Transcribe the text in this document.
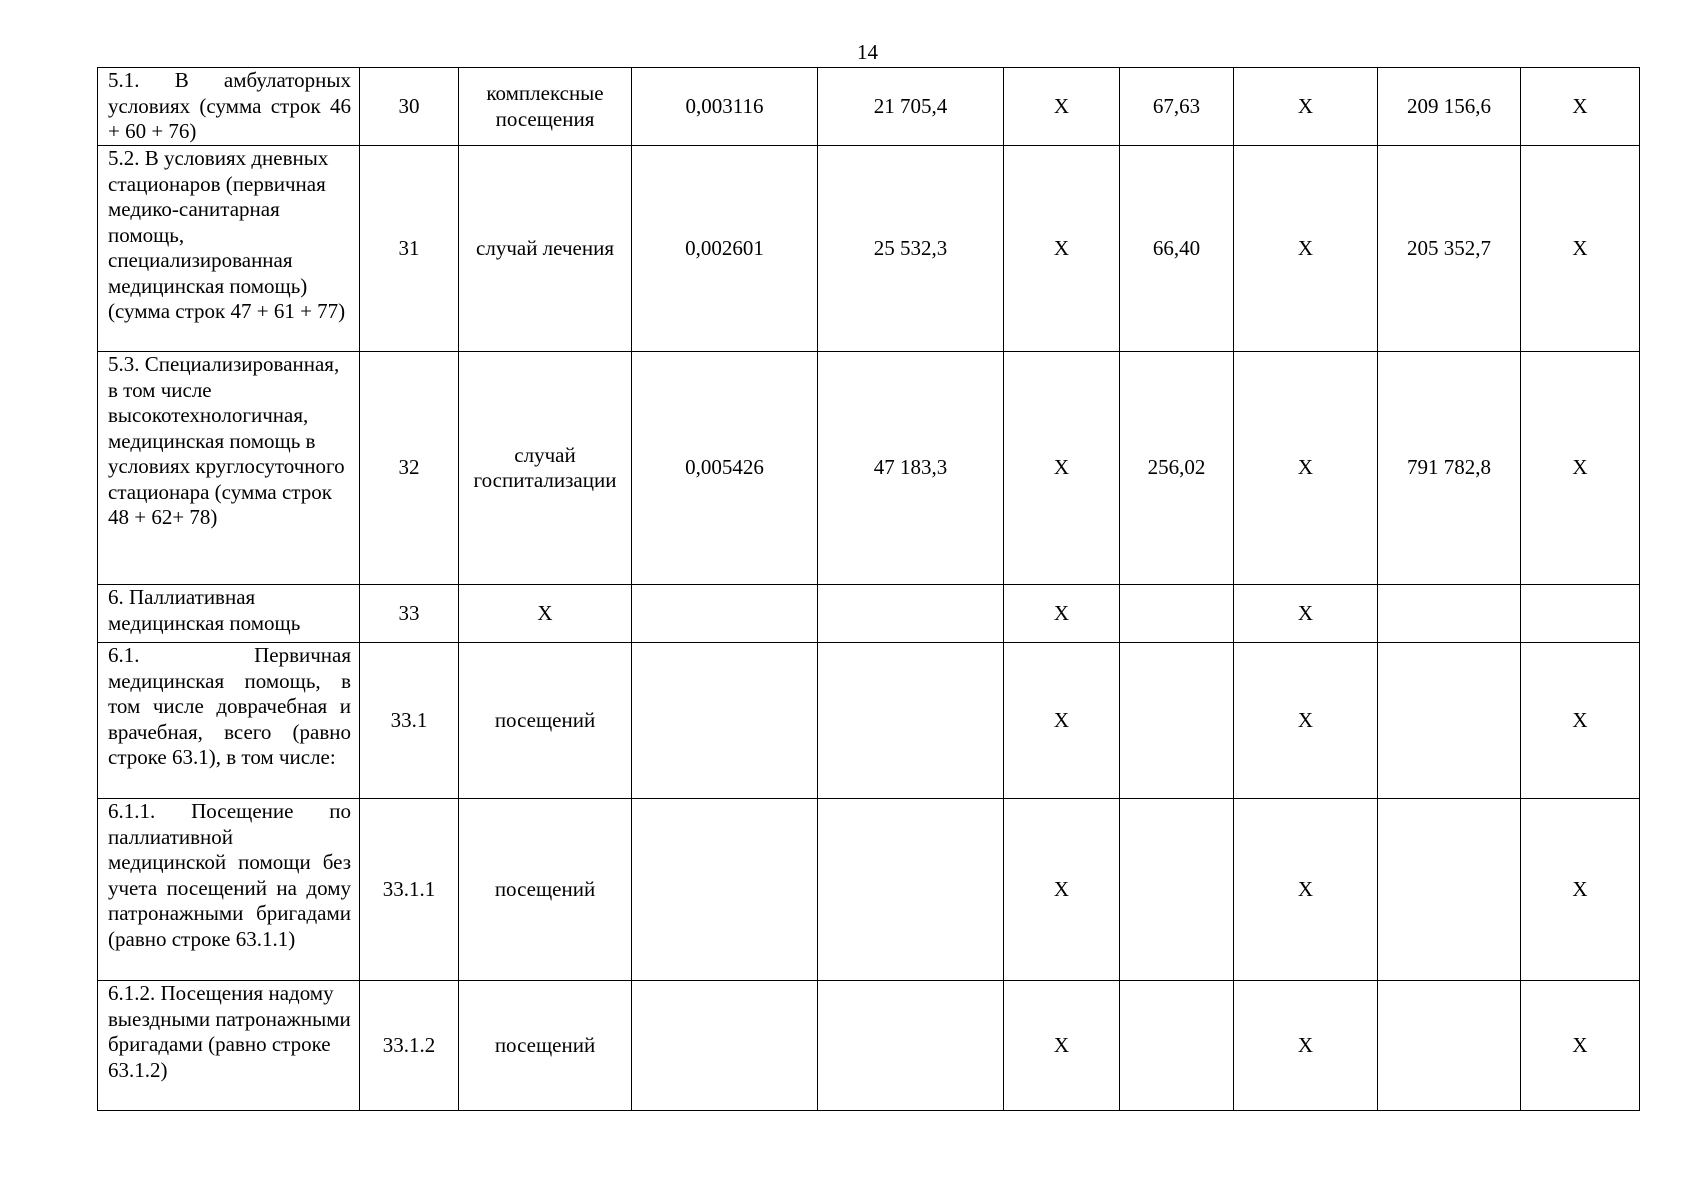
14
5.1. В амбулаторных условиях (сумма строк 46 + 60 + 76)	30	комплексные посещения	0,003116	21 705,4	Х	67,63	Х	209 156,6	Х
5.2. В условиях дневных стационаров (первичная медико-санитарная помощь, специализированная медицинская помощь) (сумма строк 47 + 61 + 77)	31	случай лечения	0,002601	25 532,3	Х	66,40	Х	205 352,7	Х
5.3. Специализированная, в том числе высокотехнологичная, медицинская помощь в условиях круглосуточного стационара (сумма строк 48 + 62+ 78)	32	случай госпитализации	0,005426	47 183,3	Х	256,02	Х	791 782,8	Х
6. Паллиативная медицинская помощь	33	Х			Х		Х		
6.1. Первичная медицинская помощь, в том числе доврачебная и врачебная, всего (равно строке 63.1), в том числе:	33.1	посещений			Х		Х		Х
6.1.1. Посещение по паллиативной медицинской помощи без учета посещений на дому патронажными бригадами (равно строке 63.1.1)	33.1.1	посещений			Х		Х		Х
6.1.2. Посещения надому выездными патронажными бригадами (равно строке 63.1.2)	33.1.2	посещений			Х		Х		Х
